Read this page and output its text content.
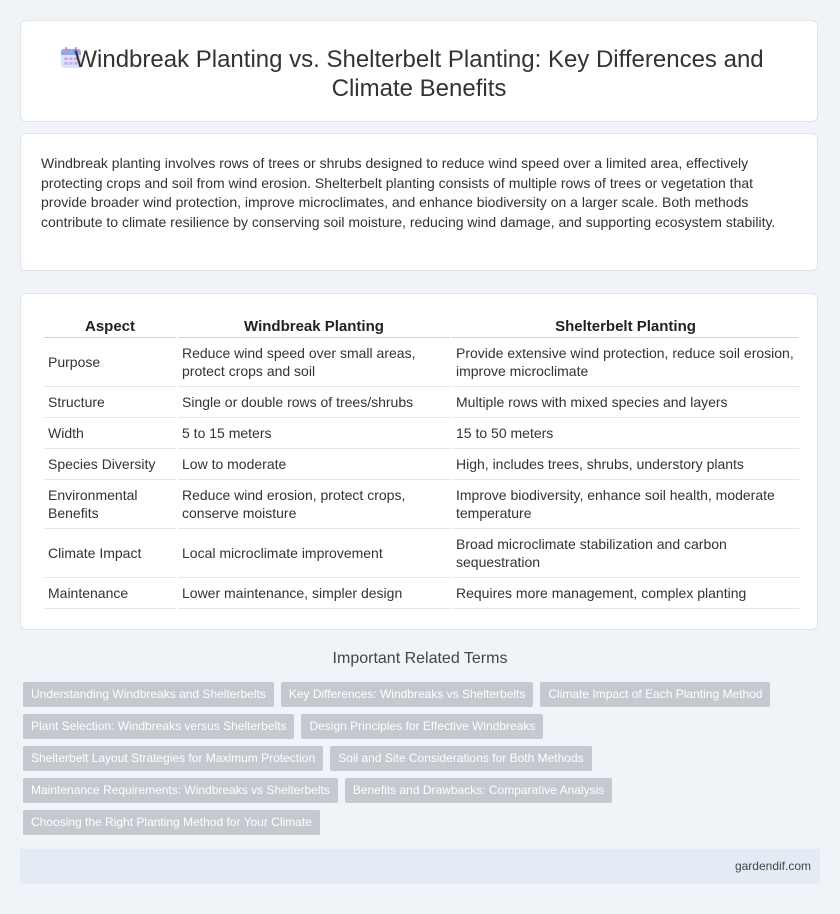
Windbreak Planting vs. Shelterbelt Planting: Key Differences and
Climate Benefits
Windbreak planting involves rows of trees or shrubs designed to reduce wind speed over a limited area, effectively protecting crops and soil from wind erosion. Shelterbelt planting consists of multiple rows of trees or vegetation that provide broader wind protection, improve microclimates, and enhance biodiversity on a larger scale. Both methods contribute to climate resilience by conserving soil moisture, reducing wind damage, and supporting ecosystem stability.
Aspect		Windbreak Planting		Shelterbelt Planting
Purpose		Reduce wind speed over small areas, protect crops and soil		Provide extensive wind protection, reduce soil erosion, improve microclimate
Structure		Single or double rows of trees/shrubs		Multiple rows with mixed species and layers
Width		5 to 15 meters		15 to 50 meters
Species Diversity		Low to moderate		High, includes trees, shrubs, understory plants
Environmental Benefits		Reduce wind erosion, protect crops, conserve moisture		Improve biodiversity, enhance soil health, moderate temperature
Climate Impact		Local microclimate improvement		Broad microclimate stabilization and carbon sequestration
Maintenance		Lower maintenance, simpler design		Requires more management, complex planting
Important Related Terms
Understanding Windbreaks and Shelterbelts	Key Differences: Windbreaks vs Shelterbelts	Climate Impact of Each Planting Method
Plant Selection: Windbreaks versus Shelterbelts	Design Principles for Effective Windbreaks
Shelterbelt Layout Strategies for Maximum Protection	Soil and Site Considerations for Both Methods
Maintenance Requirements: Windbreaks vs Shelterbelts	Benefits and Drawbacks: Comparative Analysis
Choosing the Right Planting Method for Your Climate
gardendif.com
